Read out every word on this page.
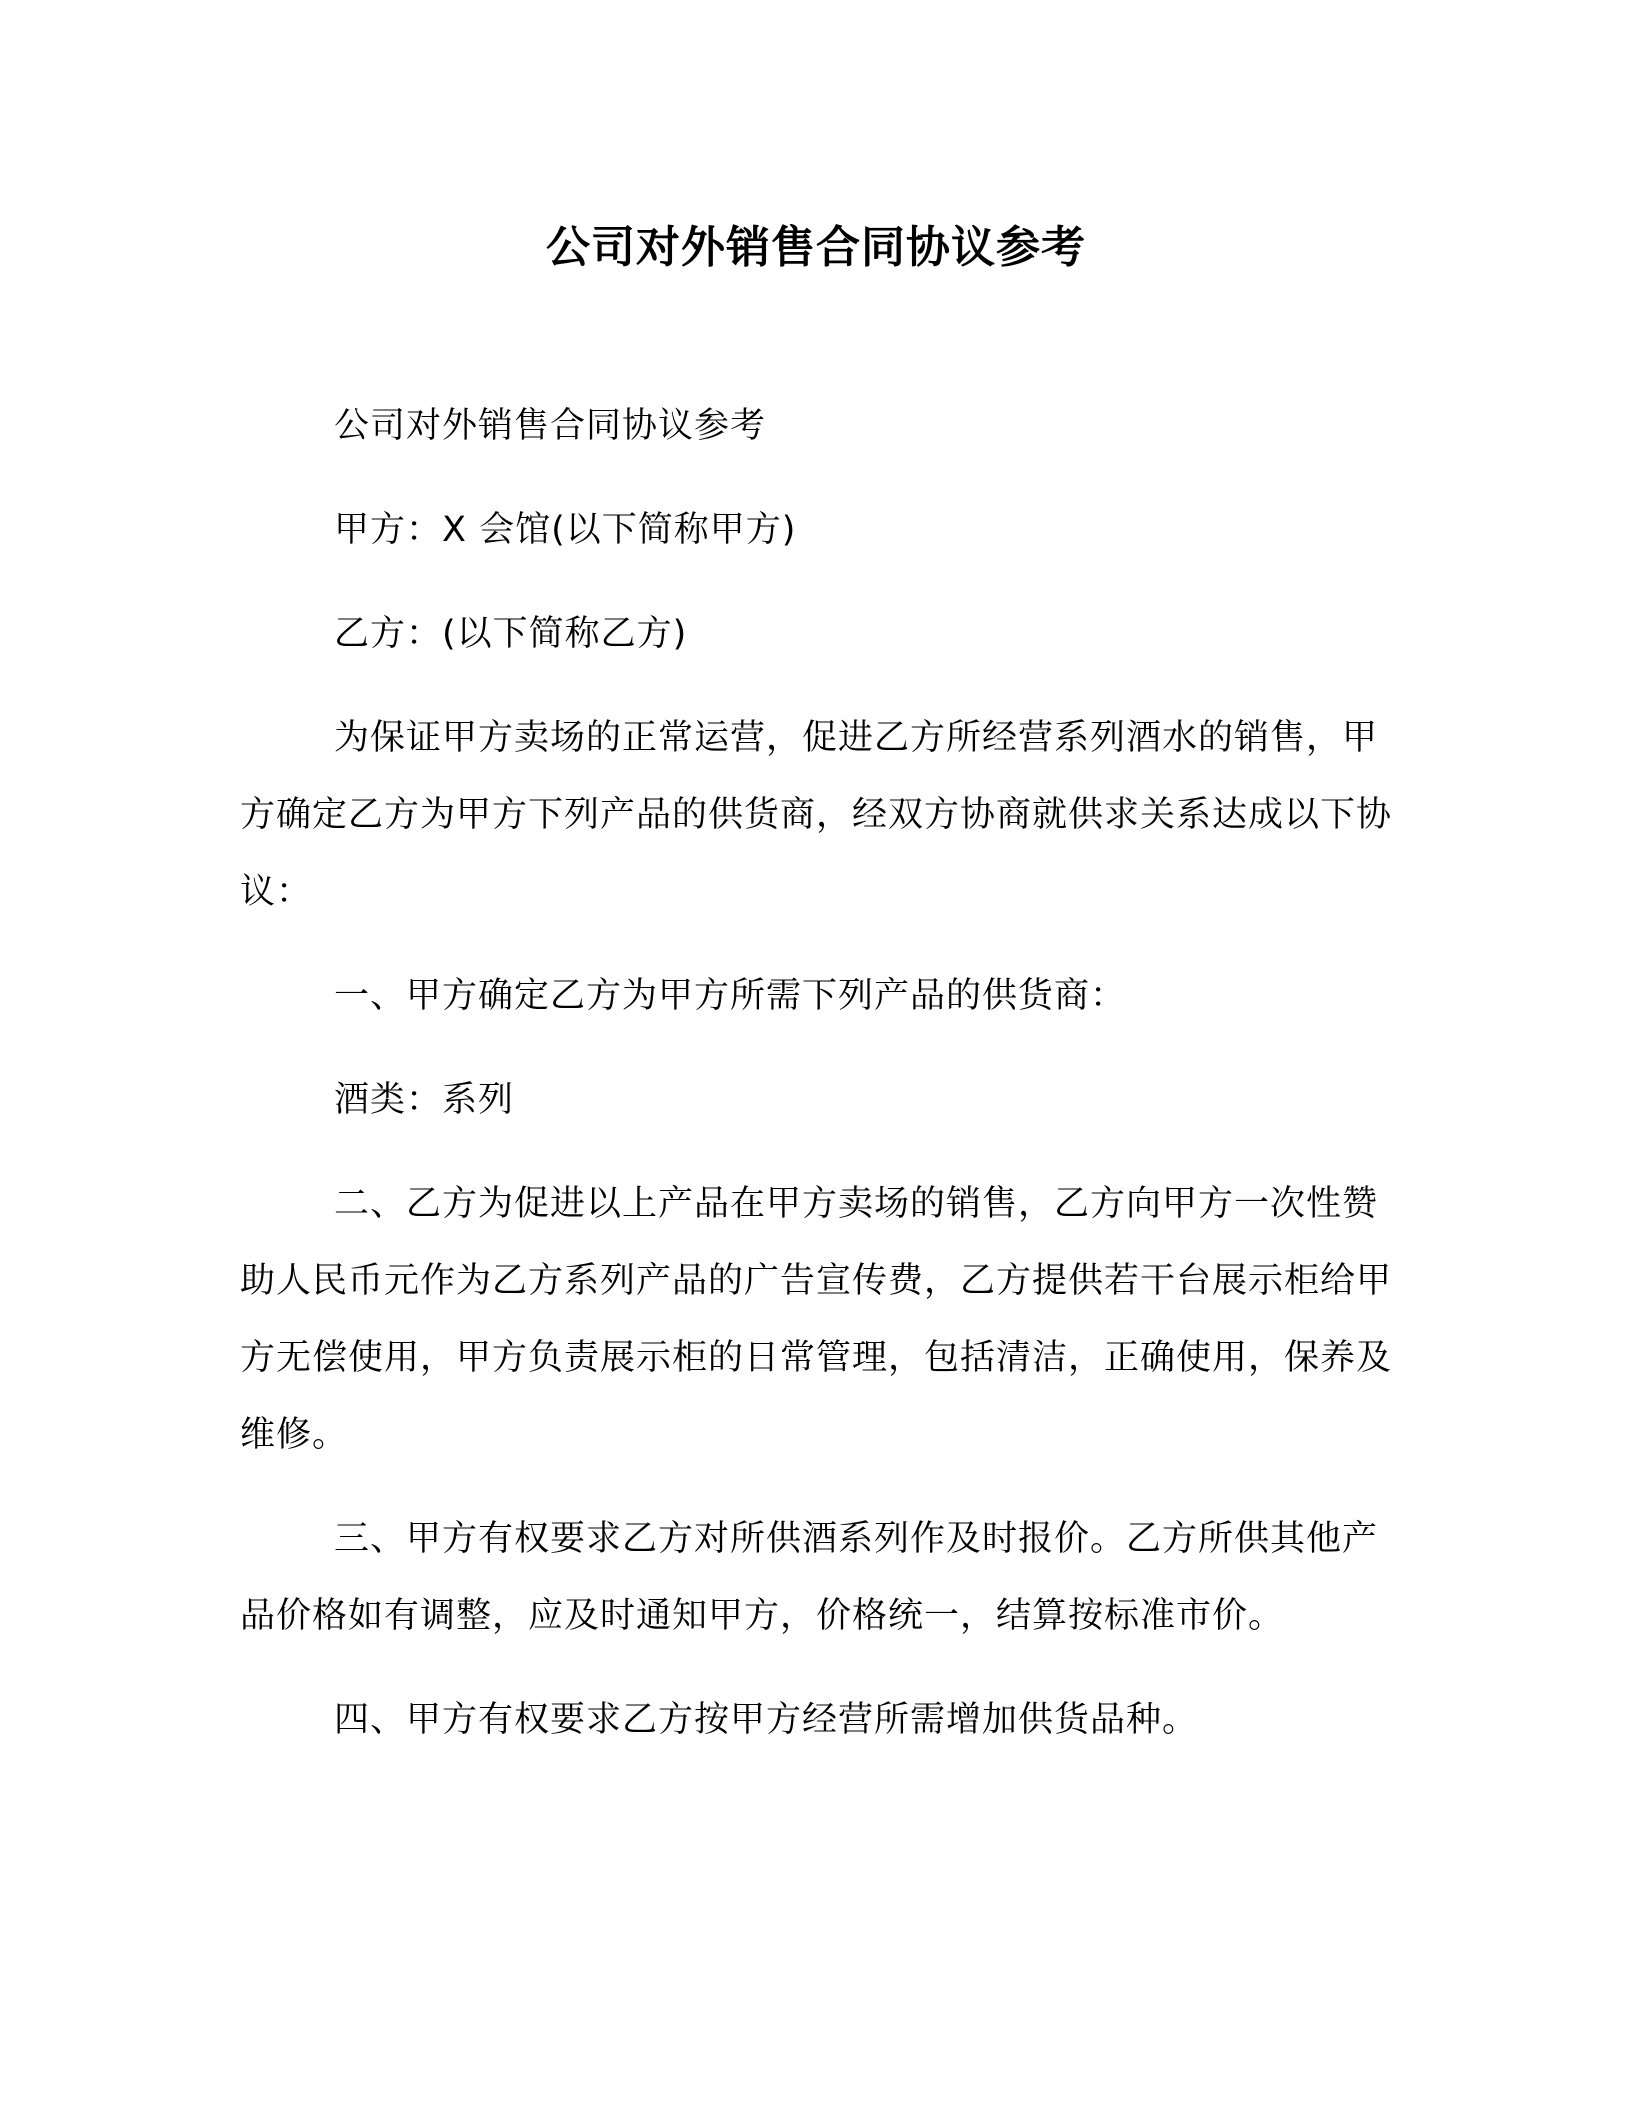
公司对外销售合同协议参考

公司对外销售合同协议参考

甲方：X 会馆(以下简称甲方)

乙方：(以下简称乙方)

为保证甲方卖场的正常运营，促进乙方所经营系列酒水的销售，甲方确定乙方为甲方下列产品的供货商，经双方协商就供求关系达成以下协议：

一、甲方确定乙方为甲方所需下列产品的供货商：

酒类：系列

二、乙方为促进以上产品在甲方卖场的销售，乙方向甲方一次性赞助人民币元作为乙方系列产品的广告宣传费，乙方提供若干台展示柜给甲方无偿使用，甲方负责展示柜的日常管理，包括清洁，正确使用，保养及维修。

三、甲方有权要求乙方对所供酒系列作及时报价。乙方所供其他产品价格如有调整，应及时通知甲方，价格统一，结算按标准市价。

四、甲方有权要求乙方按甲方经营所需增加供货品种。
